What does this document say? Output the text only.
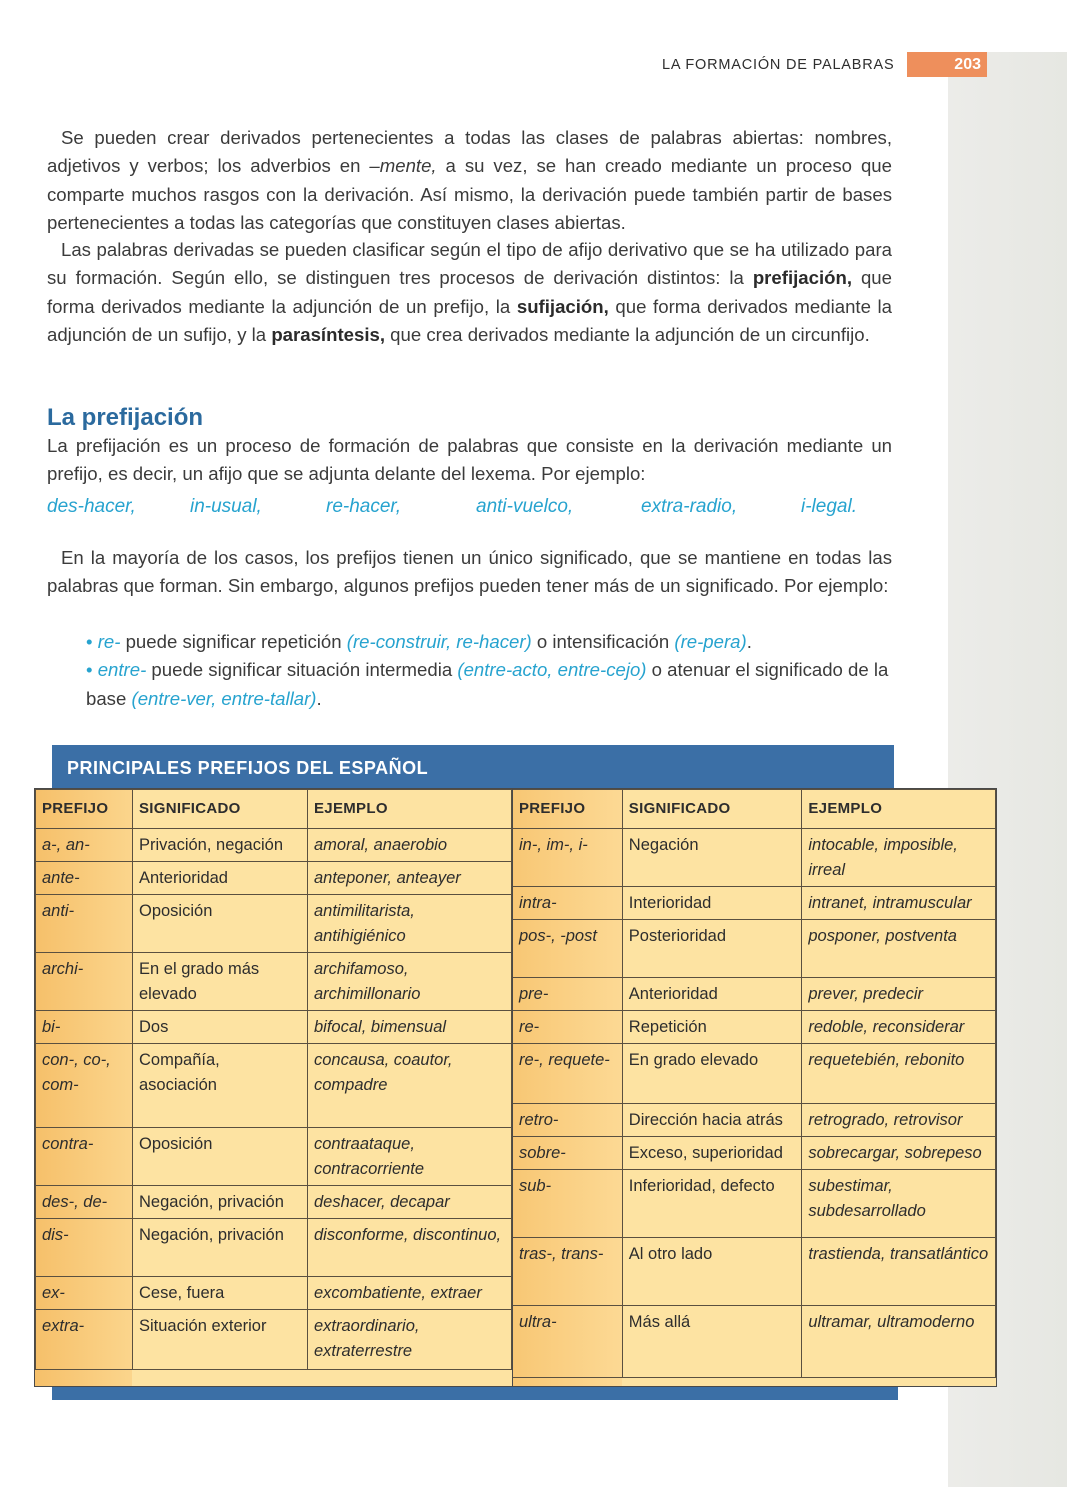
LA FORMACIÓN DE PALABRAS	203
Se pueden crear derivados pertenecientes a todas las clases de palabras abiertas: nombres, adjetivos y verbos; los adverbios en –mente, a su vez, se han creado mediante un proceso que comparte muchos rasgos con la derivación. Así mismo, la derivación puede también partir de bases pertenecientes a todas las categorías que constituyen clases abiertas.
Las palabras derivadas se pueden clasificar según el tipo de afijo derivativo que se ha utilizado para su formación. Según ello, se distinguen tres procesos de derivación distintos: la prefijación, que forma derivados mediante la adjunción de un prefijo, la sufijación, que forma derivados mediante la adjunción de un sufijo, y la parasíntesis, que crea derivados mediante la adjunción de un circunfijo.
La prefijación
La prefijación es un proceso de formación de palabras que consiste en la derivación mediante un prefijo, es decir, un afijo que se adjunta delante del lexema. Por ejemplo:
des-hacer,	in-usual,	re-hacer,	anti-vuelco,	extra-radio,	i-legal.
En la mayoría de los casos, los prefijos tienen un único significado, que se mantiene en todas las palabras que forman. Sin embargo, algunos prefijos pueden tener más de un significado. Por ejemplo:
• re- puede significar repetición (re-construir, re-hacer) o intensificación (re-pera).
• entre- puede significar situación intermedia (entre-acto, entre-cejo) o atenuar el significado de la base (entre-ver, entre-tallar).
PRINCIPALES PREFIJOS DEL ESPAÑOL
PREFIJO	SIGNIFICADO	EJEMPLO
a-, an-	Privación, negación	amoral, anaerobio
ante-	Anterioridad	anteponer, anteayer
anti-	Oposición	antimilitarista, antihigiénico
archi-	En el grado más elevado	archifamoso, archimillonario
bi-	Dos	bifocal, bimensual
con-, co-, com-	Compañía, asociación	concausa, coautor, compadre
contra-	Oposición	contraataque, contracorriente
des-, de-	Negación, privación	deshacer, decapar
dis-	Negación, privación	disconforme, discontinuo,
ex-	Cese, fuera	excombatiente, extraer
extra-	Situación exterior	extraordinario, extraterrestre
PREFIJO	SIGNIFICADO	EJEMPLO
in-, im-, i-	Negación	intocable, imposible, irreal
intra-	Interioridad	intranet, intramuscular
pos-, -post	Posterioridad	posponer, postventa
pre-	Anterioridad	prever, predecir
re-	Repetición	redoble, reconsiderar
re-, requete-	En grado elevado	requetebién, rebonito
retro-	Dirección hacia atrás	retrogrado, retrovisor
sobre-	Exceso, superioridad	sobrecargar, sobrepeso
sub-	Inferioridad, defecto	subestimar, subdesarrollado
tras-, trans-	Al otro lado	trastienda, transatlántico
ultra-	Más allá	ultramar, ultramoderno
